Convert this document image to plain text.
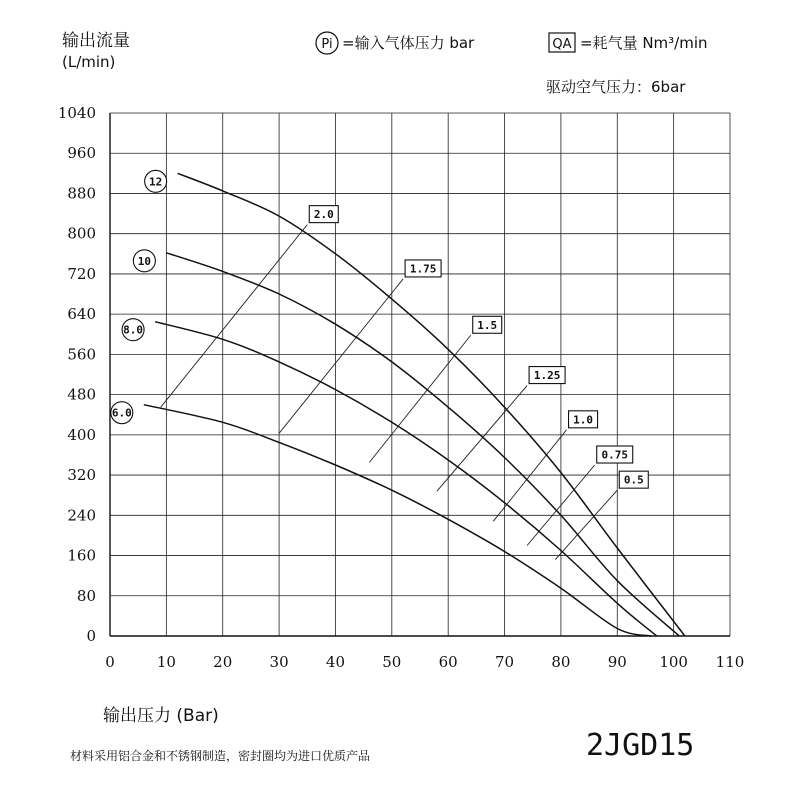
输出流量
(L/min)
Pi =输入气体压力 bar	QA =耗气量 Nm³/min
驱动空气压力：6bar
0	10 20 30 40 50 60 70 80 90 100 110
0
80
160
240
320
400
480
560
640
720
800
880
960
1040
12
10
8.0
6.0
2.0
1.75
1.5
1.25
1.0
0.75
0.5
输出压力 (Bar)
材料采用铝合金和不锈钢制造，密封圈均为进口优质产品	2JGD15
